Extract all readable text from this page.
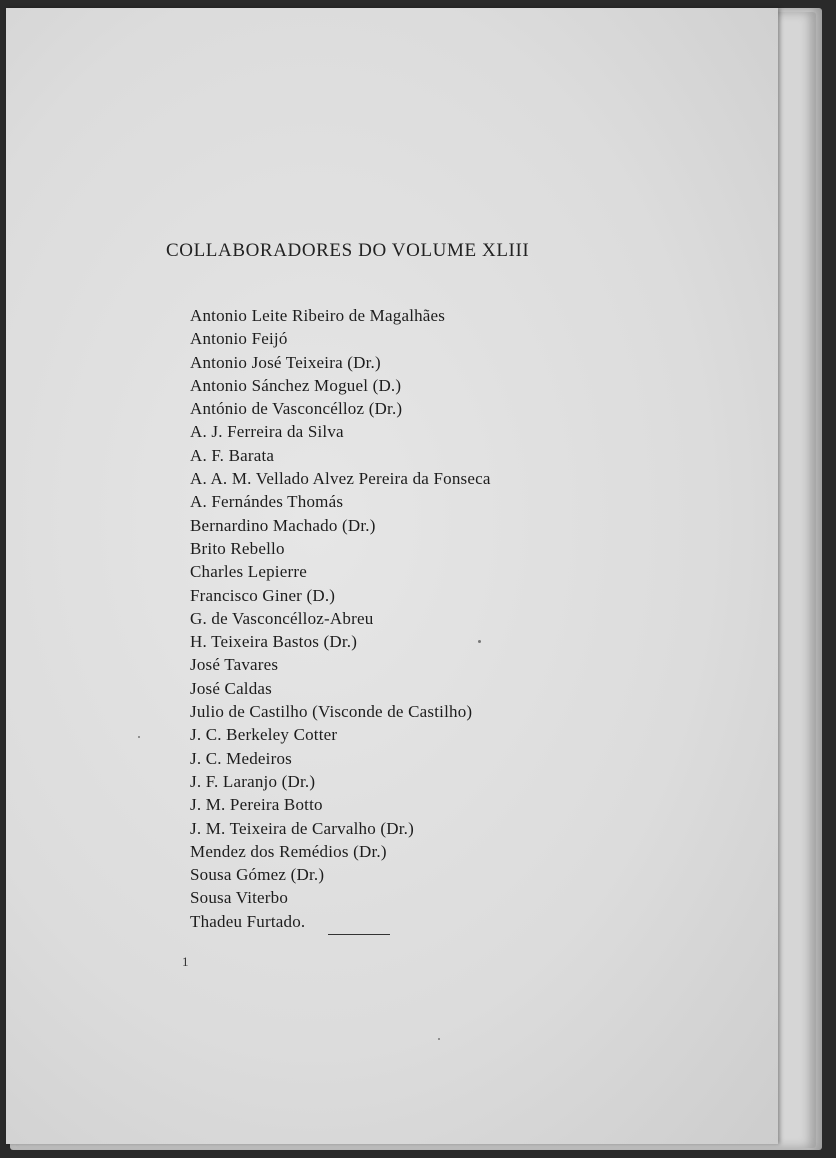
COLLABORADORES DO VOLUME XLIII
Antonio Leite Ribeiro de Magalhães
Antonio Feijó
Antonio José Teixeira (Dr.)
Antonio Sánchez Moguel (D.)
António de Vasconcélloz (Dr.)
A. J. Ferreira da Silva
A. F. Barata
A. A. M. Vellado Alvez Pereira da Fonseca
A. Fernándes Thomás
Bernardino Machado (Dr.)
Brito Rebello
Charles Lepierre
Francisco Giner (D.)
G. de Vasconcélloz-Abreu
H. Teixeira Bastos (Dr.)
José Tavares
José Caldas
Julio de Castilho (Visconde de Castilho)
J. C. Berkeley Cotter
J. C. Medeiros
J. F. Laranjo (Dr.)
J. M. Pereira Botto
J. M. Teixeira de Carvalho (Dr.)
Mendez dos Remédios (Dr.)
Sousa Gómez (Dr.)
Sousa Viterbo
Thadeu Furtado.
1
